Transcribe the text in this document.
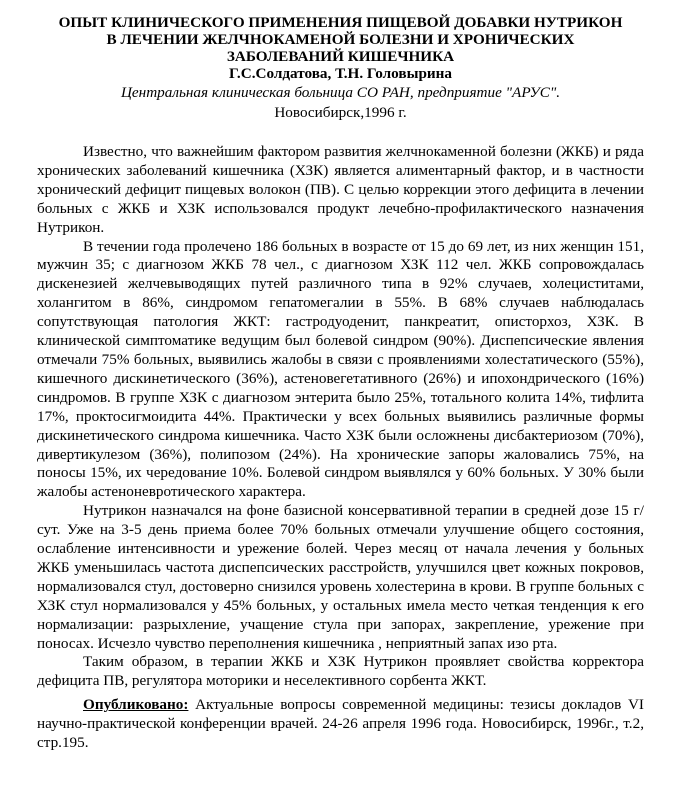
ОПЫТ КЛИНИЧЕСКОГО ПРИМЕНЕНИЯ ПИЩЕВОЙ ДОБАВКИ НУТРИКОН
В ЛЕЧЕНИИ ЖЕЛЧНОКАМЕНОЙ БОЛЕЗНИ И ХРОНИЧЕСКИХ
ЗАБОЛЕВАНИЙ КИШЕЧНИКА
Г.С.Солдатова, Т.Н. Головырина
Центральная клиническая больница СО РАН, предприятие "АРУС".
Новосибирск,1996 г.

Известно, что важнейшим фактором развития желчнокаменной болезни (ЖКБ) и ряда хронических заболеваний кишечника (ХЗК) является алиментарный фактор, и в частности хронический дефицит пищевых волокон (ПВ). С целью коррекции этого дефицита в лечении больных с ЖКБ и ХЗК использовался продукт лечебно-профилактического назначения Нутрикон.

В течении года пролечено 186 больных в возрасте от 15 до 69 лет, из них женщин 151, мужчин 35; с диагнозом ЖКБ 78 чел., с диагнозом ХЗК 112 чел. ЖКБ сопровождалась дискенезией желчевыводящих путей различного типа в 92% случаев, холециститами, холангитом в 86%, синдромом гепатомегалии в 55%. В 68% случаев наблюдалась сопутствующая патология ЖКТ: гастродуоденит, панкреатит, описторхоз, ХЗК. В клинической симптоматике ведущим был болевой синдром (90%). Диспепсические явления отмечали 75% больных, выявились жалобы в связи с проявлениями холестатического (55%), кишечного дискинетического (36%), астеновегетативного (26%) и ипохондрического (16%) синдромов. В группе ХЗК с диагнозом энтерита было 25%, тотального колита 14%, тифлита 17%, проктосигмоидита 44%. Практически у всех больных выявились различные формы дискинетического синдрома кишечника. Часто ХЗК были осложнены дисбактериозом (70%), дивертикулезом (36%), полипозом (24%). На хронические запоры жаловались 75%, на поносы 15%, их чередование 10%. Болевой синдром выявлялся у 60% больных. У 30% были жалобы астеноневротического характера.

Нутрикон назначался на фоне базисной консервативной терапии в средней дозе 15 г/сут. Уже на 3-5 день приема более 70% больных отмечали улучшение общего состояния, ослабление интенсивности и урежение болей. Через месяц от начала лечения у больных ЖКБ уменьшилась частота диспепсических расстройств, улучшился цвет кожных покровов, нормализовался стул, достоверно снизился уровень холестерина в крови. В группе больных с ХЗК стул нормализовался у 45% больных, у остальных имела место четкая тенденция к его нормализации: разрыхление, учащение стула при запорах, закрепление, урежение при поносах. Исчезло чувство переполнения кишечника , неприятный запах изо рта.

Таким образом, в терапии ЖКБ и ХЗК Нутрикон проявляет свойства корректора дефицита ПВ, регулятора моторики и неселективного сорбента ЖКТ.

Опубликовано: Актуальные вопросы современной медицины: тезисы докладов VI научно-практической конференции врачей. 24-26 апреля 1996 года. Новосибирск, 1996г., т.2, стр.195.
